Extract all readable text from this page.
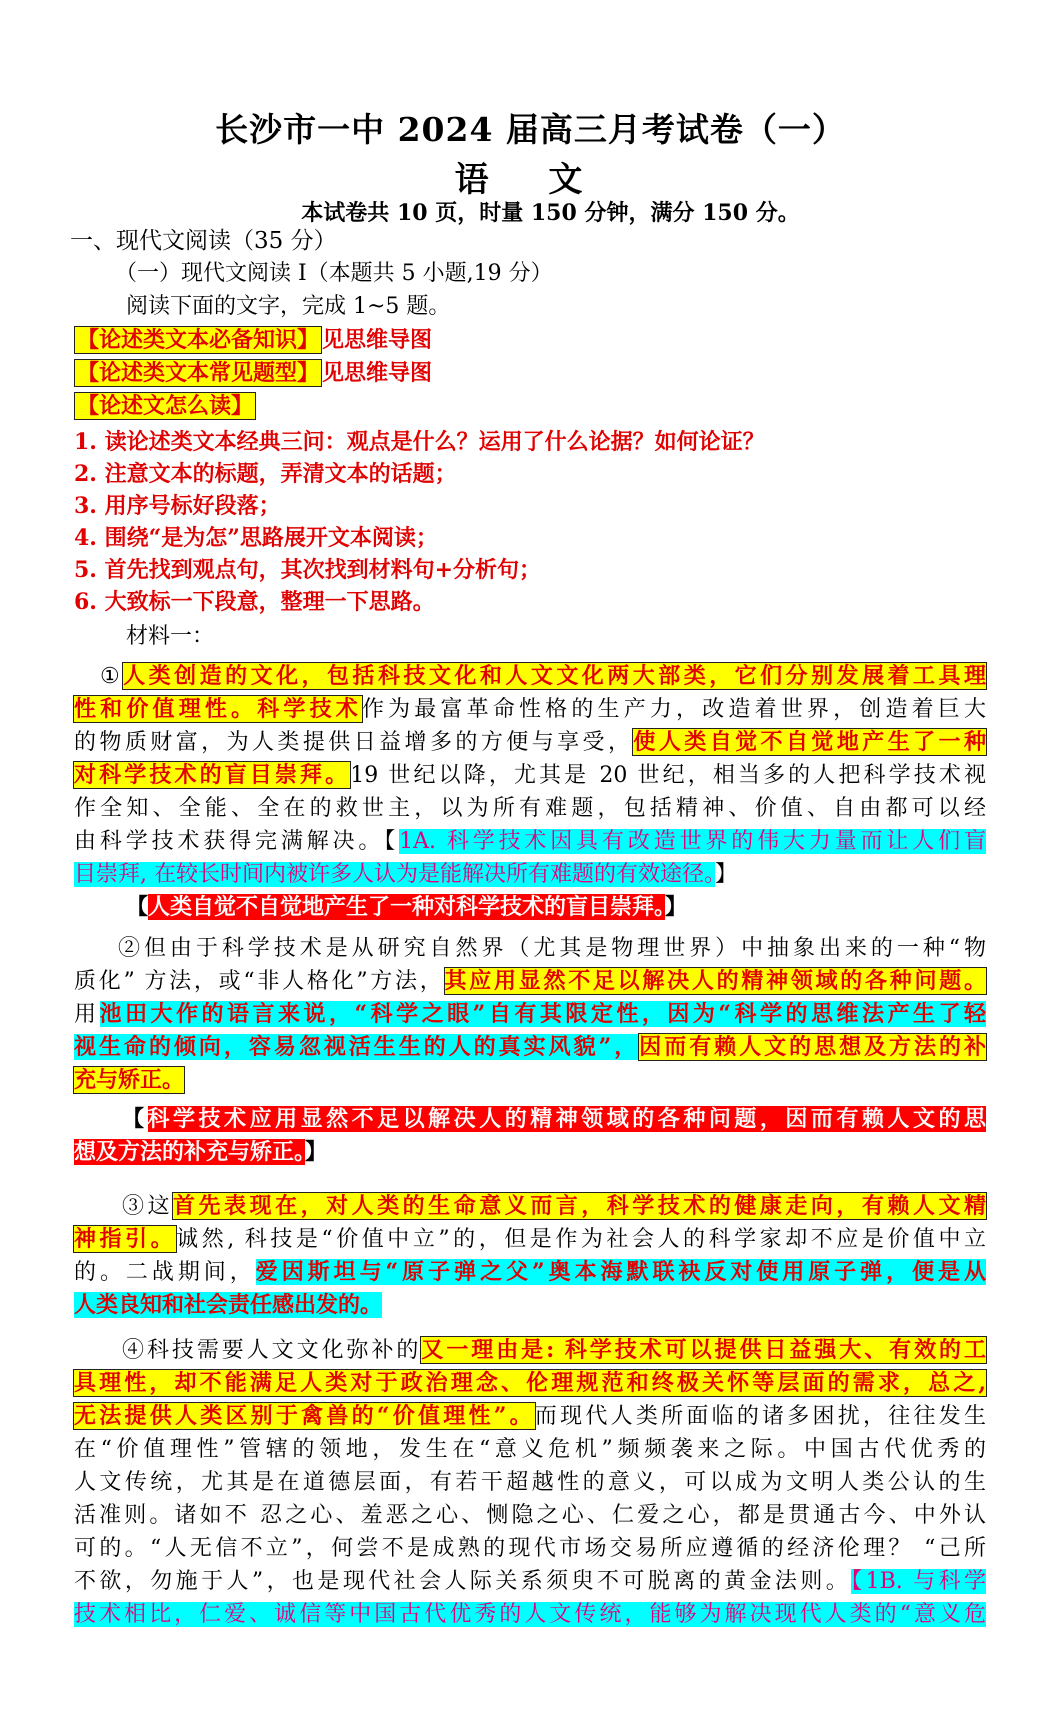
长沙市一中 2024 届高三月考试卷（一）
语 文
本试卷共 10 页，时量 150 分钟，满分 150 分。
一、现代文阅读（35 分）
（一）现代文阅读 I（本题共 5 小题,19 分）
阅读下面的文字，完成 1~5 题。
【论述类文本必备知识】 见思维导图
【论述类文本常见题型】 见思维导图
【论述文怎么读】
1. 读论述类文本经典三问：观点是什么？运用了什么论据？如何论证？
2. 注意文本的标题，弄清文本的话题；
3. 用序号标好段落；
4. 围绕“是为怎”思路展开文本阅读；
5. 首先找到观点句，其次找到材料句+分析句；
6. 大致标一下段意，整理一下思路。
材料一：
①人类创造的文化，包括科技文化和人文文化两大部类，它们分别发展着工具理
性和价值理性。科学技术作为最富革命性格的生产力，改造着世界，创造着巨大
的物质财富，为人类提供日益增多的方便与享受，使人类自觉不自觉地产生了一种
对科学技术的盲目崇拜。19 世纪以降，尤其是 20 世纪，相当多的人把科学技术视
作全知、全能、全在的救世主，以为所有难题，包括精神、价值、自由都可以经
由科学技术获得完满解决。【1A. 科学技术因具有改造世界的伟大力量而让人们盲
目崇拜, 在较长时间内被许多人认为是能解决所有难题的有效途径。】
【人类自觉不自觉地产生了一种对科学技术的盲目崇拜。】
②但由于科学技术是从研究自然界（尤其是物理世界）中抽象出来的一种“物
质化” 方法，或“非人格化”方法，其应用显然不足以解决人的精神领域的各种问题。
用池田大作的语言来说，“科学之眼”自有其限定性，因为“科学的思维法产生了轻
视生命的倾向，容易忽视活生生的人的真实风貌”，因而有赖人文的思想及方法的补
充与矫正。
【科学技术应用显然不足以解决人的精神领域的各种问题，因而有赖人文的思
想及方法的补充与矫正。】
③这首先表现在，对人类的生命意义而言，科学技术的健康走向，有赖人文精
神指引。诚然, 科技是“价值中立”的，但是作为社会人的科学家却不应是价值中立
的。二战期间，爱因斯坦与“原子弹之父”奥本海默联袂反对使用原子弹，便是从
人类良知和社会责任感出发的。
④科技需要人文文化弥补的又一理由是: 科学技术可以提供日益强大、有效的工
具理性，却不能满足人类对于政治理念、伦理规范和终极关怀等层面的需求，总之,
无法提供人类区别于禽兽的“价值理性”。而现代人类所面临的诸多困扰，往往发生
在“价值理性”管辖的领地，发生在“意义危机”频频袭来之际。中国古代优秀的
人文传统，尤其是在道德层面，有若干超越性的意义，可以成为文明人类公认的生
活准则。诸如不 忍之心、羞恶之心、恻隐之心、仁爱之心，都是贯通古今、中外认
可的。“人无信不立”，何尝不是成熟的现代市场交易所应遵循的经济伦理？ “己所
不欲，勿施于人”，也是现代社会人际关系须臾不可脱离的黄金法则。【1B. 与科学
技术相比，仁爱、诚信等中国古代优秀的人文传统，能够为解决现代人类的“意义危
